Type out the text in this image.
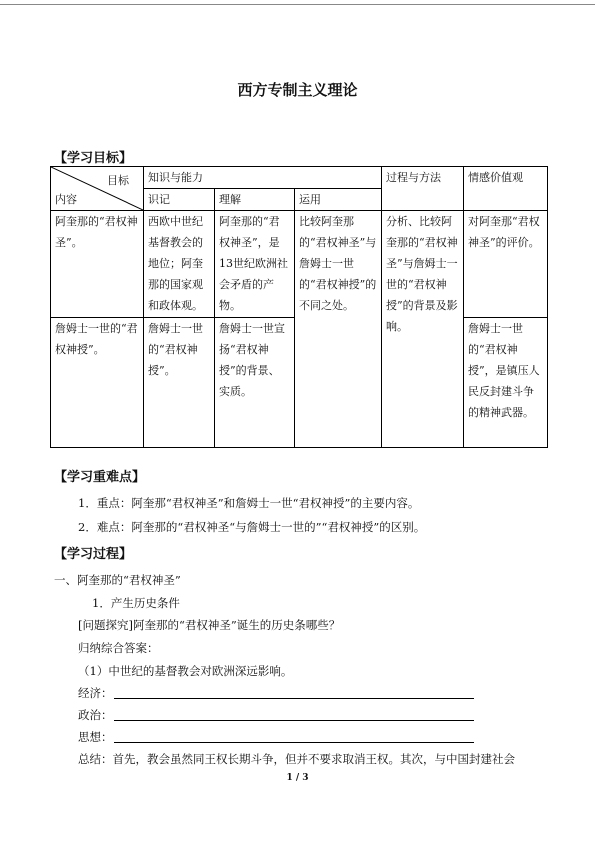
西方专制主义理论
【学习目标】
目标
内容	知识与能力			过程与方法	情感价值观
	识记	理解	运用		
阿奎那的“君权神圣”。	西欧中世纪基督教会的地位；阿奎那的国家观和政体观。	阿奎那的“君权神圣”，是13世纪欧洲社会矛盾的产物。	比较阿奎那的“君权神圣”与詹姆士一世的“君权神授”的不同之处。	分析、比较阿奎那的“君权神圣”与詹姆士一世的“君权神授”的背景及影响。	对阿奎那“君权神圣”的评价。
詹姆士一世的“君权神授”。	詹姆士一世的“君权神授”。	詹姆士一世宣扬“君权神授”的背景、实质。			詹姆士一世的“君权神授”，是镇压人民反封建斗争的精神武器。
【学习重难点】
1．重点：阿奎那“君权神圣”和詹姆士一世“君权神授”的主要内容。
2．难点：阿奎那的“君权神圣“与詹姆士一世的”“君权神授”的区别。
【学习过程】
一、阿奎那的“君权神圣”
1．产生历史条件
[问题探究]阿奎那的“君权神圣”诞生的历史条哪些？
归纳综合答案：
（1）中世纪的基督教会对欧洲深远影响。
经济：
政治：
思想：
总结：首先，教会虽然同王权长期斗争，但并不要求取消王权。其次，与中国封建社会
1 / 3
